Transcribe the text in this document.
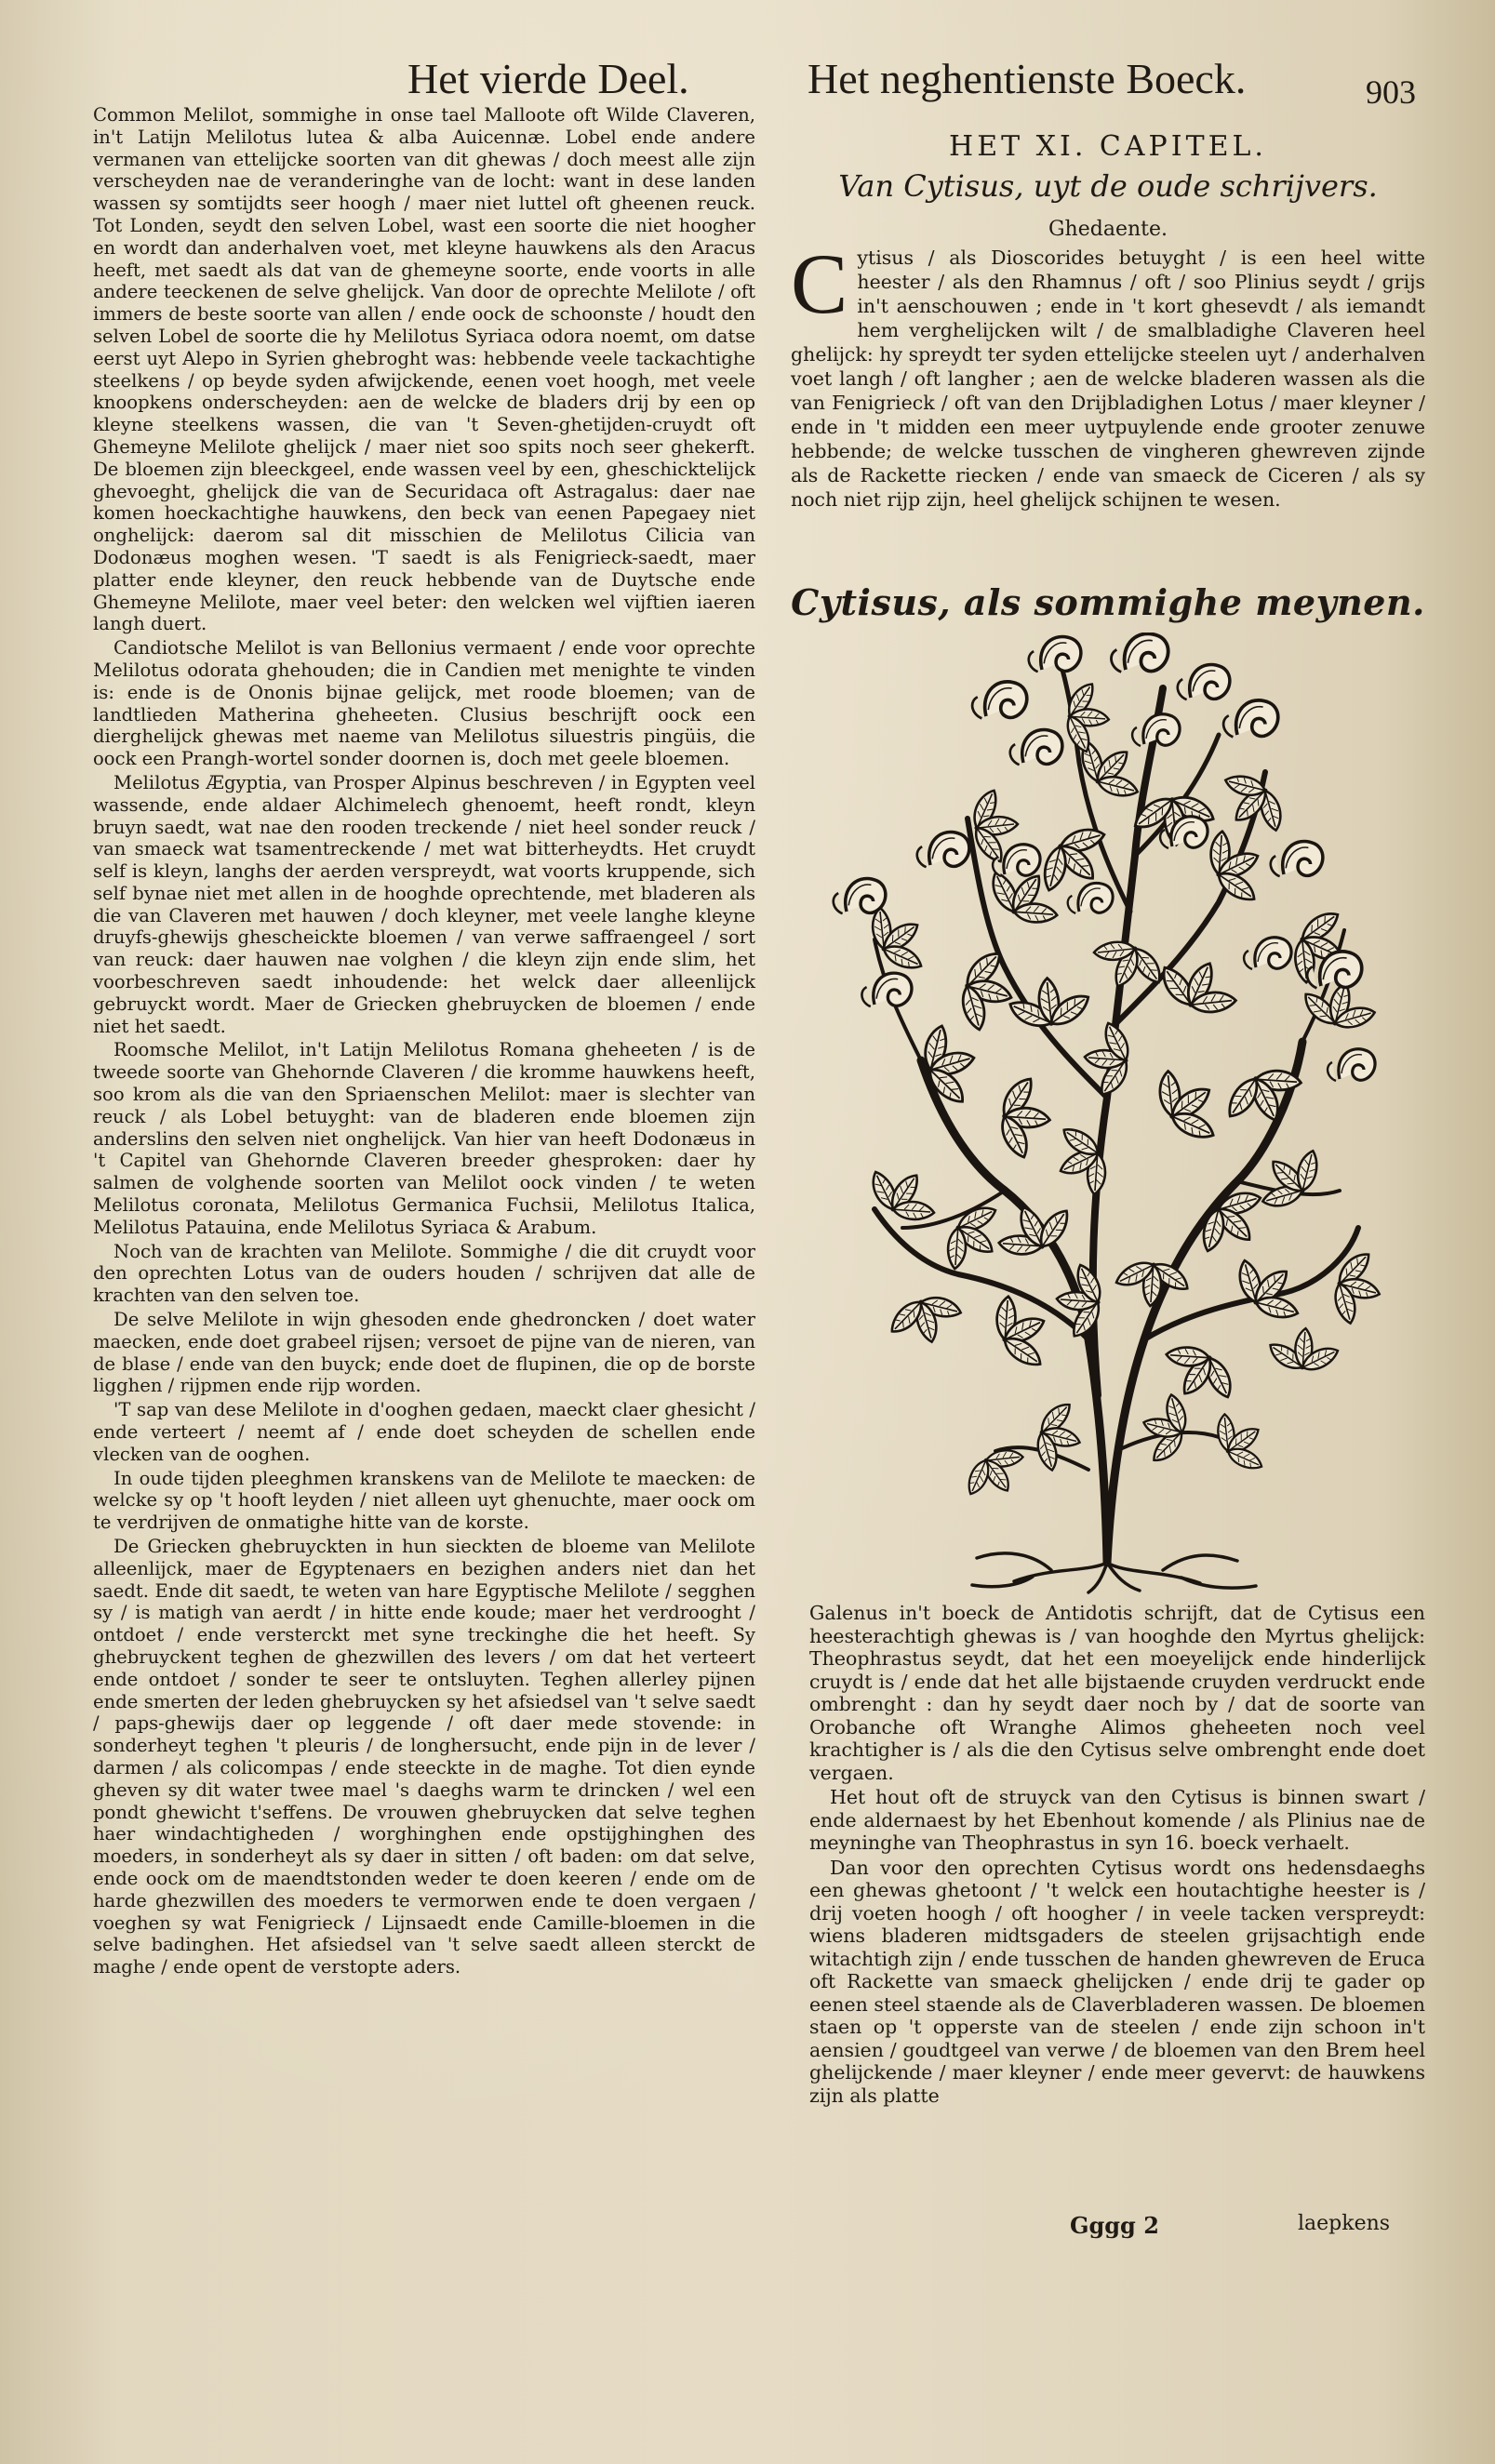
Het vierde Deel.	Het neghentienste Boeck.	903

Common Melilot, sommighe in onse tael Malloote oft Wilde Claveren, in't Latijn Melilotus lutea & alba Auicennæ. Lobel ende andere vermanen van ettelijcke soorten van dit ghewas / doch meest alle zijn verscheyden nae de veranderinghe van de locht: want in dese landen wassen sy somtijdts seer hoogh / maer niet luttel oft gheenen reuck. Tot Londen, seydt den selven Lobel, wast een soorte die niet hoogher en wordt dan anderhalven voet, met kleyne hauwkens als den Aracus heeft, met saedt als dat van de ghemeyne soorte, ende voorts in alle andere teeckenen de selve ghelijck. Van door de oprechte Melilote / oft immers de beste soorte van allen / ende oock de schoonste / houdt den selven Lobel de soorte die hy Melilotus Syriaca odora noemt, om datse eerst uyt Alepo in Syrien ghebroght was: hebbende veele tackachtighe steelkens / op beyde syden afwijckende, eenen voet hoogh, met veele knoopkens onderscheyden: aen de welcke de bladers drij by een op kleyne steelkens wassen, die van 't Seven-ghetijden-cruydt oft Ghemeyne Melilote ghelijck / maer niet soo spits noch seer ghekerft. De bloemen zijn bleeckgeel, ende wassen veel by een, gheschicktelijck ghevoeght, ghelijck die van de Securidaca oft Astragalus: daer nae komen hoeckachtighe hauwkens, den beck van eenen Papegaey niet onghelijck: daerom sal dit misschien de Melilotus Cilicia van Dodonæus moghen wesen. 'T saedt is als Fenigrieck-saedt, maer platter ende kleyner, den reuck hebbende van de Duytsche ende Ghemeyne Melilote, maer veel beter: den welcken wel vijftien iaeren langh duert.

Candiotsche Melilot is van Bellonius vermaent / ende voor oprechte Melilotus odorata ghehouden; die in Candien met menighte te vinden is: ende is de Ononis bijnae gelijck, met roode bloemen; van de landtlieden Matherina gheheeten. Clusius beschrijft oock een dierghelijck ghewas met naeme van Melilotus siluestris pingüis, die oock een Prangh-wortel sonder doornen is, doch met geele bloemen.

Melilotus Ægyptia, van Prosper Alpinus beschreven / in Egypten veel wassende, ende aldaer Alchimelech ghenoemt, heeft rondt, kleyn bruyn saedt, wat nae den rooden treckende / niet heel sonder reuck / van smaeck wat tsamentreckende / met wat bitterheydts. Het cruydt self is kleyn, langhs der aerden verspreydt, wat voorts kruppende, sich self bynae niet met allen in de hooghde oprechtende, met bladeren als die van Claveren met hauwen / doch kleyner, met veele langhe kleyne druyfs-ghewijs ghescheickte bloemen / van verwe saffraengeel / sort van reuck: daer hauwen nae volghen / die kleyn zijn ende slim, het voorbeschreven saedt inhoudende: het welck daer alleenlijck gebruyckt wordt. Maer de Griecken ghebruycken de bloemen / ende niet het saedt.

Roomsche Melilot, in't Latijn Melilotus Romana gheheeten / is de tweede soorte van Ghehornde Claveren / die kromme hauwkens heeft, soo krom als die van den Spriaenschen Melilot: maer is slechter van reuck / als Lobel betuyght: van de bladeren ende bloemen zijn anderslins den selven niet onghelijck. Van hier van heeft Dodonæus in 't Capitel van Ghehornde Claveren breeder ghesproken: daer hy salmen de volghende soorten van Melilot oock vinden / te weten Melilotus coronata, Melilotus Germanica Fuchsii, Melilotus Italica, Melilotus Patauina, ende Melilotus Syriaca & Arabum.

Noch van de krachten van Melilote. Sommighe / die dit cruydt voor den oprechten Lotus van de ouders houden / schrijven dat alle de krachten van den selven toe.

De selve Melilote in wijn ghesoden ende ghedroncken / doet water maecken, ende doet grabeel rijsen; versoet de pijne van de nieren, van de blase / ende van den buyck; ende doet de flupinen, die op de borste ligghen / rijpmen ende rijp worden.

'T sap van dese Melilote in d'ooghen gedaen, maeckt claer ghesicht / ende verteert / neemt af / ende doet scheyden de schellen ende vlecken van de ooghen.

In oude tijden pleeghmen kranskens van de Melilote te maecken: de welcke sy op 't hooft leyden / niet alleen uyt ghenuchte, maer oock om te verdrijven de onmatighe hitte van de korste.

De Griecken ghebruyckten in hun sieckten de bloeme van Melilote alleenlijck, maer de Egyptenaers en bezighen anders niet dan het saedt. Ende dit saedt, te weten van hare Egyptische Melilote / segghen sy / is matigh van aerdt / in hitte ende koude; maer het verdrooght / ontdoet / ende versterckt met syne treckinghe die het heeft. Sy ghebruyckent teghen de ghezwillen des levers / om dat het verteert ende ontdoet / sonder te seer te ontsluyten. Teghen allerley pijnen ende smerten der leden ghebruycken sy het afsiedsel van 't selve saedt / paps-ghewijs daer op leggende / oft daer mede stovende: in sonderheyt teghen 't pleuris / de longhersucht, ende pijn in de lever / darmen / als colicompas / ende steeckte in de maghe. Tot dien eynde gheven sy dit water twee mael 's daeghs warm te drincken / wel een pondt ghewicht t'seffens. De vrouwen ghebruycken dat selve teghen haer windachtigheden / worghinghen ende opstijghinghen des moeders, in sonderheyt als sy daer in sitten / oft baden: om dat selve, ende oock om de maendtstonden weder te doen keeren / ende om de harde ghezwillen des moeders te vermorwen ende te doen vergaen / voeghen sy wat Fenigrieck / Lijnsaedt ende Camille-bloemen in die selve badinghen. Het afsiedsel van 't selve saedt alleen sterckt de maghe / ende opent de verstopte aders.

HET XI. CAPITEL.
Van Cytisus, uyt de oude schrijvers.
Ghedaente.

Cytisus / als Dioscorides betuyght / is een heel witte heester / als den Rhamnus / oft / soo Plinius seydt / grijs in't aenschouwen ; ende in 't kort ghesevdt / als iemandt hem verghelijcken wilt / de smalbladighe Claveren heel ghelijck: hy spreydt ter syden ettelijcke steelen uyt / anderhalven voet langh / oft langher ; aen de welcke bladeren wassen als die van Fenigrieck / oft van den Drijbladighen Lotus / maer kleyner / ende in 't midden een meer uytpuylende ende grooter zenuwe hebbende; de welcke tusschen de vingheren ghewreven zijnde als de Rackette riecken / ende van smaeck de Ciceren / als sy noch niet rijp zijn, heel ghelijck schijnen te wesen.

Cytisus, als sommighe meynen.

Galenus in't boeck de Antidotis schrijft, dat de Cytisus een heesterachtigh ghewas is / van hooghde den Myrtus ghelijck: Theophrastus seydt, dat het een moeyelijck ende hinderlijck cruydt is / ende dat het alle bijstaende cruyden verdruckt ende ombrenght : dan hy seydt daer noch by / dat de soorte van Orobanche oft Wranghe Alimos gheheeten noch veel krachtigher is / als die den Cytisus selve ombrenght ende doet vergaen.

Het hout oft de struyck van den Cytisus is binnen swart / ende aldernaest by het Ebenhout komende / als Plinius nae de meyninghe van Theophrastus in syn 16. boeck verhaelt.

Dan voor den oprechten Cytisus wordt ons hedensdaeghs een ghewas ghetoont / 't welck een houtachtighe heester is / drij voeten hoogh / oft hoogher / in veele tacken verspreydt: wiens bladeren midtsgaders de steelen grijsachtigh ende witachtigh zijn / ende tusschen de handen ghewreven de Eruca oft Rackette van smaeck ghelijcken / ende drij te gader op eenen steel staende als de Claverbladeren wassen. De bloemen staen op 't opperste van de steelen / ende zijn schoon in't aensien / goudtgeel van verwe / de bloemen van den Brem heel ghelijckende / maer kleyner / ende meer gevervt: de hauwkens zijn als platte

Gggg 2	laepkens
